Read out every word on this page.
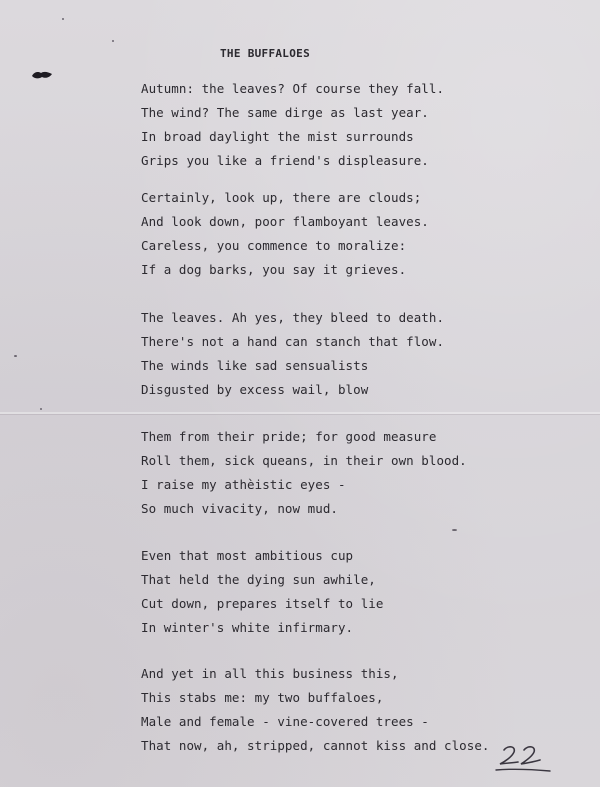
THE BUFFALOES
Autumn: the leaves? Of course they fall.
The wind? The same dirge as last year.
In broad daylight the mist surrounds
Grips you like a friend's displeasure.
Certainly, look up, there are clouds;
And look down, poor flamboyant leaves.
Careless, you commence to moralize:
If a dog barks, you say it grieves.
The leaves. Ah yes, they bleed to death.
There's not a hand can stanch that flow.
The winds like sad sensualists
Disgusted by excess wail, blow
Them from their pride; for good measure
Roll them, sick queans, in their own blood.
I raise my athèistic eyes -
So much vivacity, now mud.
Even that most ambitious cup
That held the dying sun awhile,
Cut down, prepares itself to lie
In winter's white infirmary.
And yet in all this business this,
This stabs me: my two buffaloes,
Male and female - vine-covered trees -
That now, ah, stripped, cannot kiss and close.
